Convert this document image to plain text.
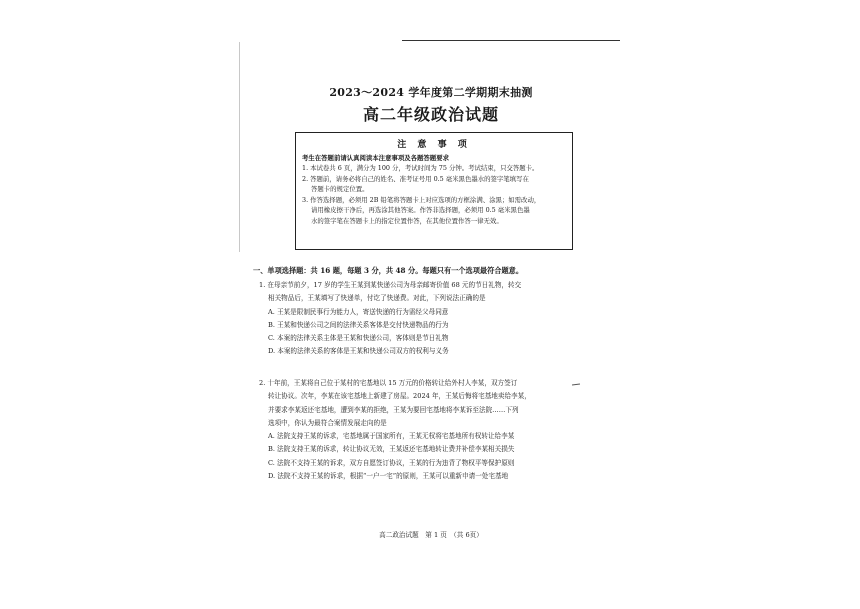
2023～2024 学年度第二学期期末抽测
高二年级政治试题
注 意 事 项
考生在答题前请认真阅读本注意事项及各题答题要求
1. 本试卷共 6 页，满分为 100 分，考试时间为 75 分钟。考试结束，只交答题卡。
2. 答题前，请务必将自己的姓名、准考证号用 0.5 毫米黑色墨水的签字笔填写在
答题卡的规定位置。
3. 作答选择题，必须用 2B 铅笔将答题卡上对应选项的方框涂满、涂黑；如需改动，
请用橡皮擦干净后，再选涂其他答案。作答非选择题，必须用 0.5 毫米黑色墨
水的签字笔在答题卡上的指定位置作答，在其他位置作答一律无效。
一、单项选择题：共 16 题，每题 3 分，共 48 分。每题只有一个选项最符合题意。
1. 在母亲节前夕，17 岁的学生王某到某快递公司为母亲邮寄价值 68 元的节日礼物，转交
相关物品后，王某填写了快递单，付讫了快递费。对此，下列说法正确的是
A. 王某是限制民事行为能力人，寄送快递的行为需经父母同意
B. 王某和快递公司之间的法律关系客体是交付快递物品的行为
C. 本案的法律关系主体是王某和快递公司，客体则是节日礼物
D. 本案的法律关系的客体是王某和快递公司双方的权利与义务
2. 十年前，王某将自己位于某村的宅基地以 15 万元的价格转让给外村人李某，双方签订
转让协议。次年，李某在该宅基地上新建了房屋。2024 年，王某后悔将宅基地卖给李某，
并要求李某返还宅基地，遭到李某的拒绝，王某为要回宅基地将李某诉至法院……下列
选项中，你认为最符合案情发展走向的是
A. 法院支持王某的诉求，宅基地属于国家所有，王某无权将宅基地所有权转让给李某
B. 法院支持王某的诉求，转让协议无效，王某返还宅基地转让费并补偿李某相关损失
C. 法院不支持王某的诉求，双方自愿签订协议，王某的行为违背了物权平等保护原则
D. 法院不支持王某的诉求，根据“一户一宅”的原则，王某可以重新申请一处宅基地
高二政治试题　第 1 页　（共 6页）
